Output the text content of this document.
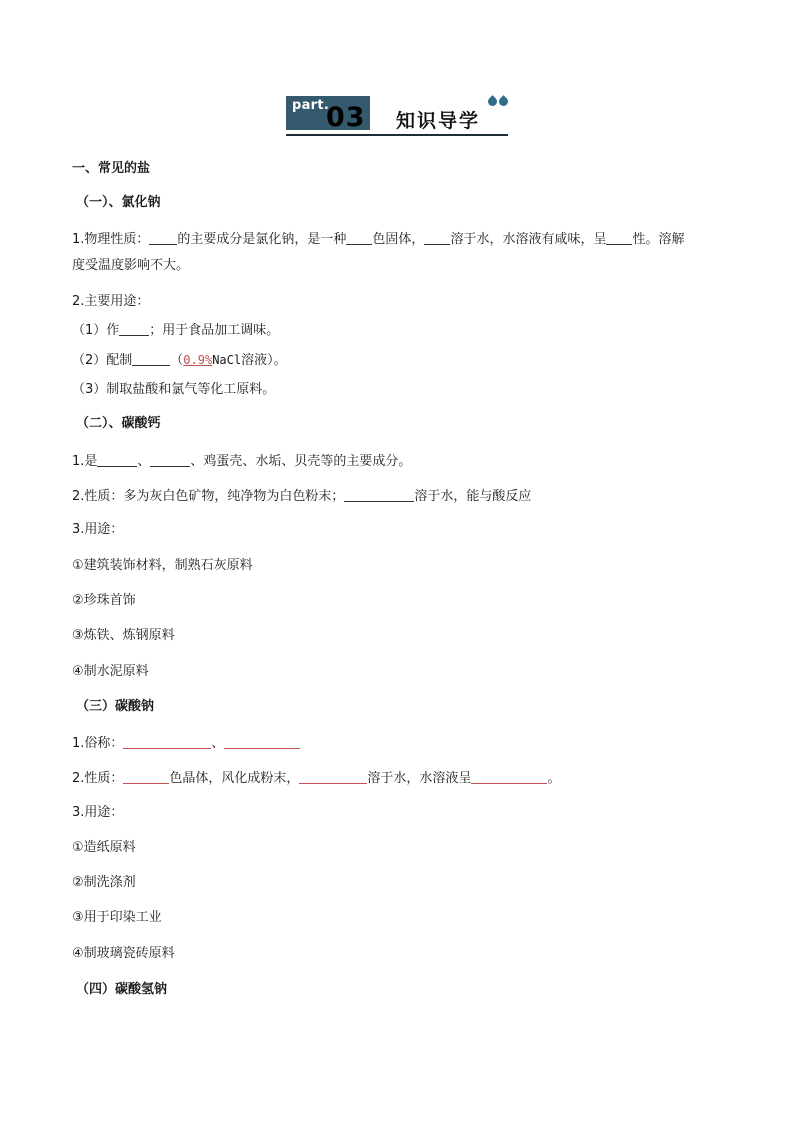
part.
03 知识导学
一、常见的盐
（一）、氯化钠
1.物理性质： 的主要成分是氯化钠，是一种 色固体， 溶于水，水溶液有咸味，呈 性。溶解
度受温度影响不大。
2.主要用途：
（1）作 ；用于食品加工调味。
（2）配制	（0.9%NaCl溶液）。
（3）制取盐酸和氯气等化工原料。
（二）、碳酸钙
1.是	、	、鸡蛋壳、水垢、贝壳等的主要成分。
2.性质：多为灰白色矿物，纯净物为白色粉末；	溶于水，能与酸反应
3.用途：
①建筑装饰材料，制熟石灰原料
②珍珠首饰
③炼铁、炼钢原料
④制水泥原料
（三）碳酸钠
1.俗称：	、
2.性质：	色晶体，风化成粉末，	溶于水，水溶液呈	。
3.用途：
①造纸原料
②制洗涤剂
③用于印染工业
④制玻璃瓷砖原料
（四）碳酸氢钠
